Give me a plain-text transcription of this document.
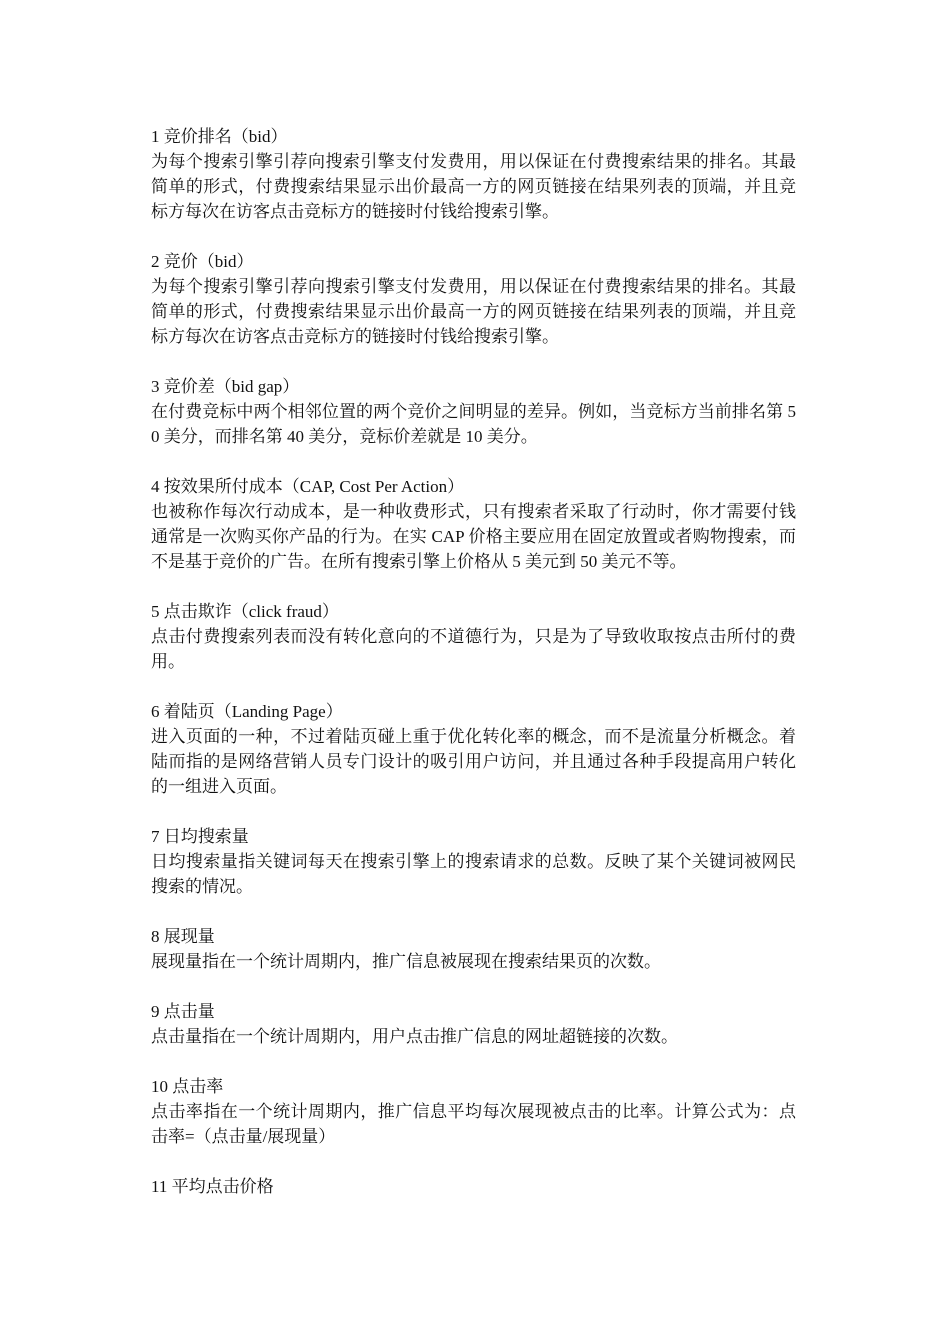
1 竞价排名（bid）
为每个搜索引擎引荐向搜索引擎支付发费用，用以保证在付费搜索结果的排名。其最简单的形式，付费搜索结果显示出价最高一方的网页链接在结果列表的顶端，并且竞标方每次在访客点击竞标方的链接时付钱给搜索引擎。
2 竞价（bid）
为每个搜索引擎引荐向搜索引擎支付发费用，用以保证在付费搜索结果的排名。其最简单的形式，付费搜索结果显示出价最高一方的网页链接在结果列表的顶端，并且竞标方每次在访客点击竞标方的链接时付钱给搜索引擎。
3 竞价差（bid gap）
在付费竞标中两个相邻位置的两个竞价之间明显的差异。例如，当竞标方当前排名第 50 美分，而排名第 40 美分，竞标价差就是 10 美分。
4 按效果所付成本（CAP, Cost Per Action）
也被称作每次行动成本，是一种收费形式，只有搜索者采取了行动时，你才需要付钱通常是一次购买你产品的行为。在实 CAP 价格主要应用在固定放置或者购物搜索，而不是基于竞价的广告。在所有搜索引擎上价格从 5 美元到 50 美元不等。
5 点击欺诈（click fraud）
点击付费搜索列表而没有转化意向的不道德行为，只是为了导致收取按点击所付的费用。
6 着陆页（Landing Page）
进入页面的一种，不过着陆页碰上重于优化转化率的概念，而不是流量分析概念。着陆而指的是网络营销人员专门设计的吸引用户访问，并且通过各种手段提高用户转化的一组进入页面。
7 日均搜索量
日均搜索量指关键词每天在搜索引擎上的搜索请求的总数。反映了某个关键词被网民搜索的情况。
8 展现量
展现量指在一个统计周期内，推广信息被展现在搜索结果页的次数。
9 点击量
点击量指在一个统计周期内，用户点击推广信息的网址超链接的次数。
10 点击率
点击率指在一个统计周期内，推广信息平均每次展现被点击的比率。计算公式为：点击率=（点击量/展现量）
11 平均点击价格
